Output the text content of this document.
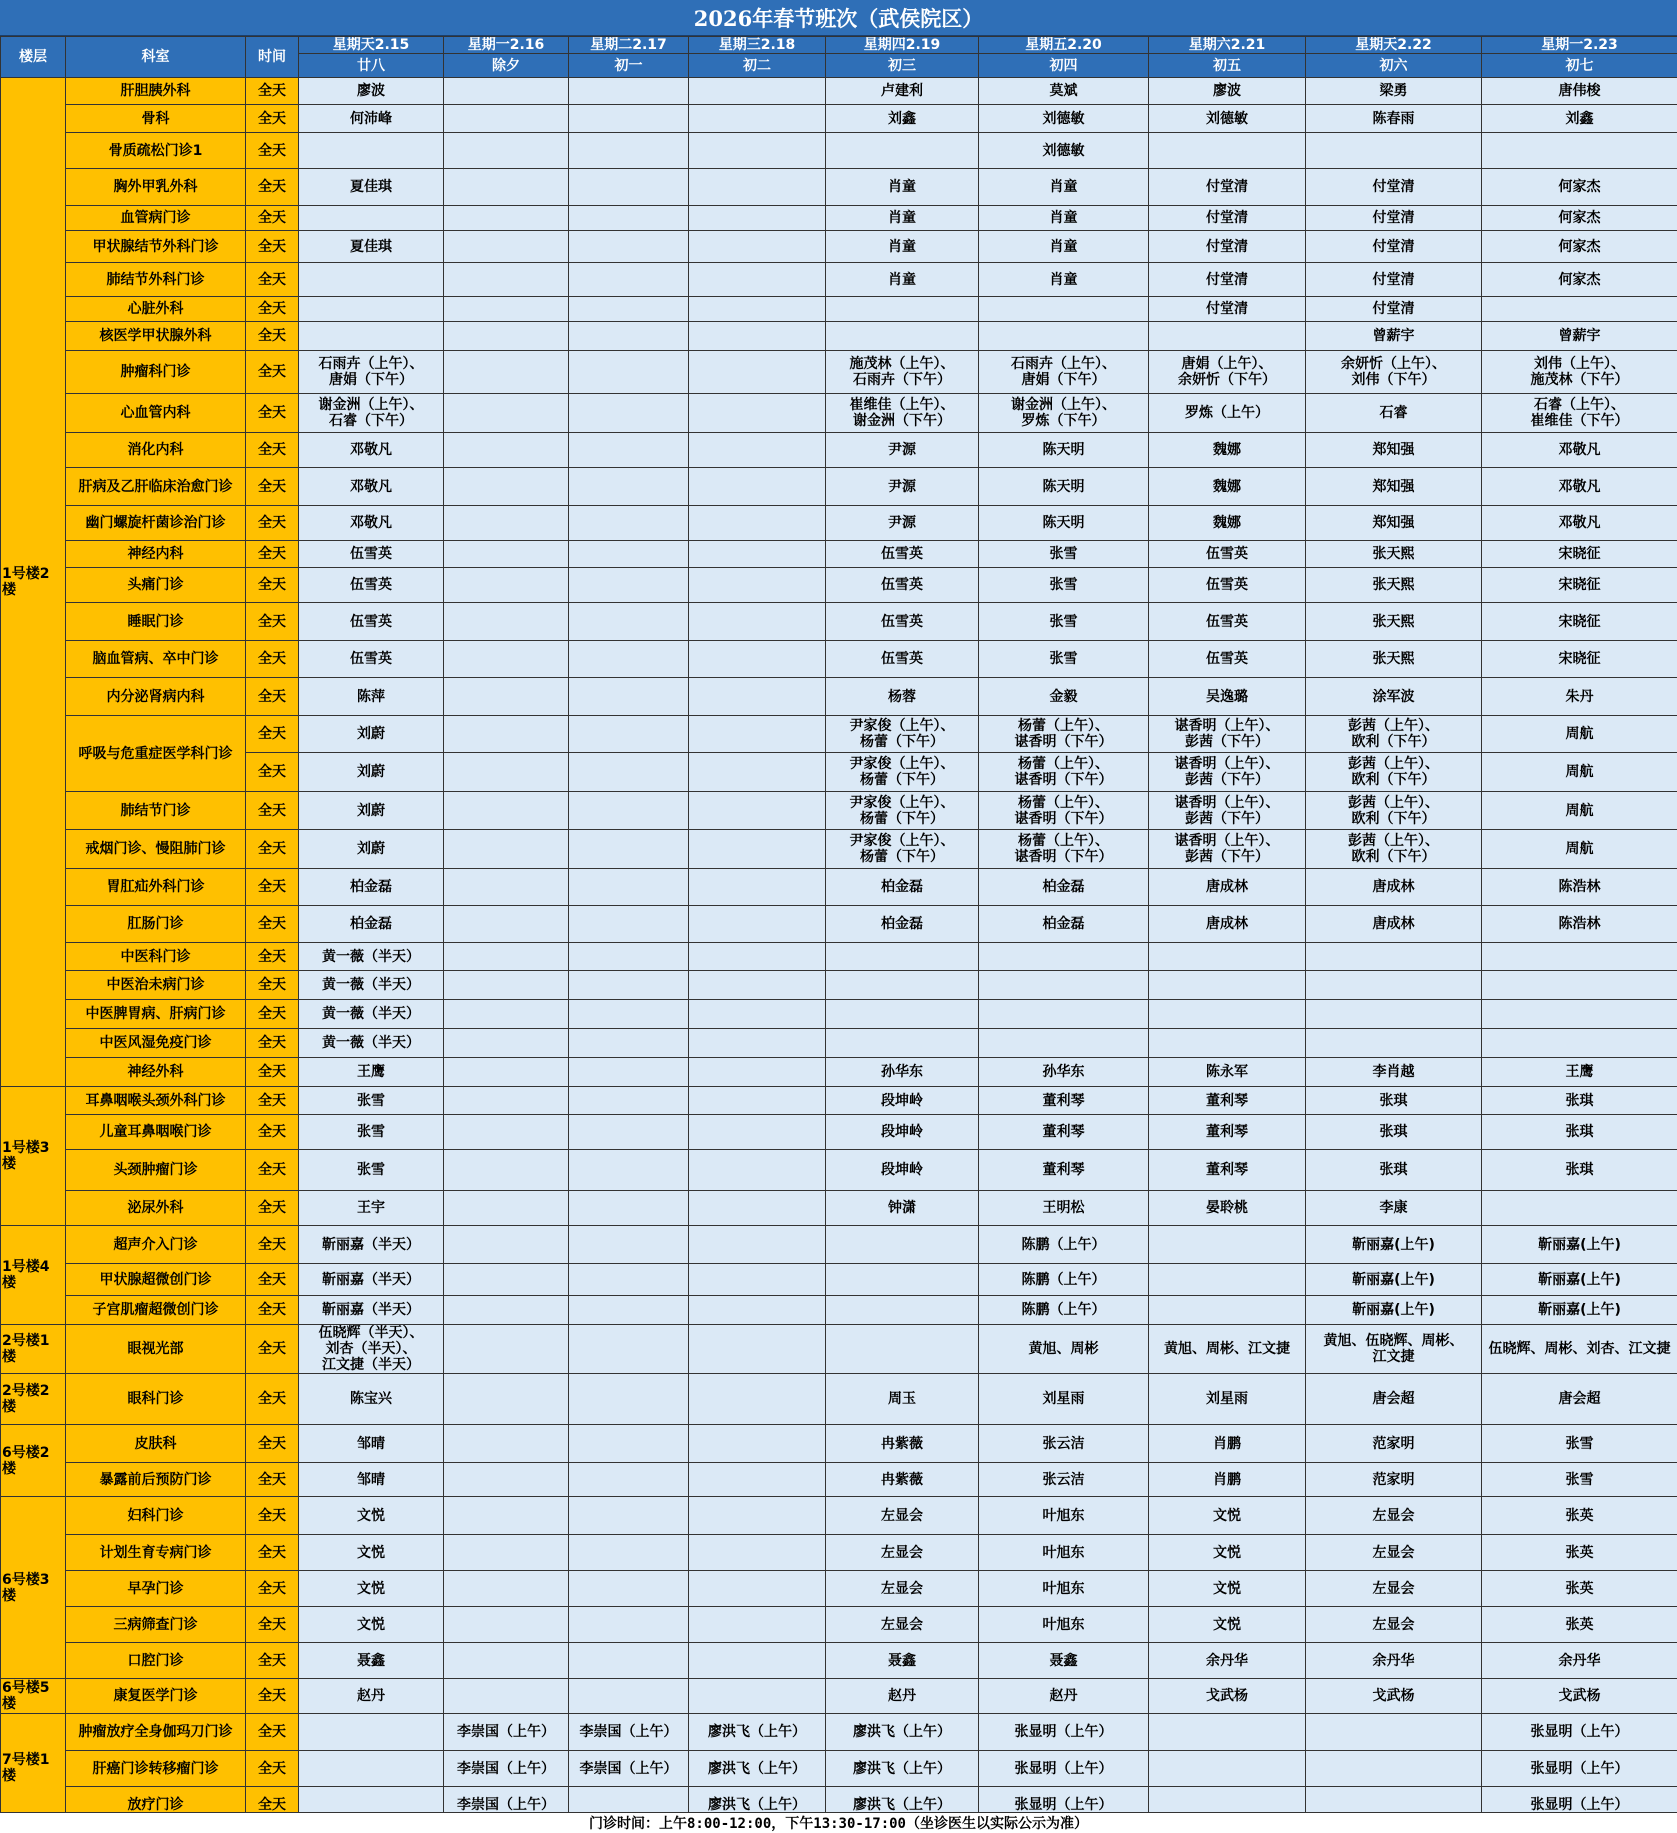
2026年春节班次（武侯院区）
楼层	科室	时间	星期天2.15	星期一2.16	星期二2.17	星期三2.18	星期四2.19	星期五2.20	星期六2.21	星期天2.22	星期一2.23
			廿八	除夕	初一	初二	初三	初四	初五	初六	初七
1号楼2楼	肝胆胰外科	全天	廖波				卢建利	莫斌	廖波	梁勇	唐伟梭
	骨科	全天	何沛峰				刘鑫	刘德敏	刘德敏	陈春雨	刘鑫
	骨质疏松门诊1	全天						刘德敏			
	胸外甲乳外科	全天	夏佳琪				肖童	肖童	付堂清	付堂清	何家杰
	血管病门诊	全天					肖童	肖童	付堂清	付堂清	何家杰
	甲状腺结节外科门诊	全天	夏佳琪				肖童	肖童	付堂清	付堂清	何家杰
	肺结节外科门诊	全天					肖童	肖童	付堂清	付堂清	何家杰
	心脏外科	全天							付堂清	付堂清	
	核医学甲状腺外科	全天								曾薪宇	曾薪宇
	肿瘤科门诊	全天	石雨卉（上午）、
唐娟（下午）				施茂林（上午）、
石雨卉（下午）	石雨卉（上午）、
唐娟（下午）	唐娟（上午）、
余妍忻（下午）	余妍忻（上午）、
刘伟（下午）	刘伟（上午）、
施茂林（下午）
	心血管内科	全天	谢金洲（上午）、
石睿（下午）				崔维佳（上午）、
谢金洲（下午）	谢金洲（上午）、
罗炼（下午）	罗炼（上午）	石睿	石睿（上午）、
崔维佳（下午）
	消化内科	全天	邓敬凡				尹源	陈天明	魏娜	郑知强	邓敬凡
	肝病及乙肝临床治愈门诊	全天	邓敬凡				尹源	陈天明	魏娜	郑知强	邓敬凡
	幽门螺旋杆菌诊治门诊	全天	邓敬凡				尹源	陈天明	魏娜	郑知强	邓敬凡
	神经内科	全天	伍雪英				伍雪英	张雪	伍雪英	张天熙	宋晓征
	头痛门诊	全天	伍雪英				伍雪英	张雪	伍雪英	张天熙	宋晓征
	睡眠门诊	全天	伍雪英				伍雪英	张雪	伍雪英	张天熙	宋晓征
	脑血管病、卒中门诊	全天	伍雪英				伍雪英	张雪	伍雪英	张天熙	宋晓征
	内分泌肾病内科	全天	陈萍				杨蓉	金毅	吴逸璐	涂军波	朱丹
	呼吸与危重症医学科门诊	全天	刘蔚				尹家俊（上午）、
杨蕾（下午）	杨蕾（上午）、
谌香明（下午）	谌香明（上午）、
彭茜（下午）	彭茜（上午）、
欧利（下午）	周航
		全天	刘蔚				尹家俊（上午）、
杨蕾（下午）	杨蕾（上午）、
谌香明（下午）	谌香明（上午）、
彭茜（下午）	彭茜（上午）、
欧利（下午）	周航
	肺结节门诊	全天	刘蔚				尹家俊（上午）、
杨蕾（下午）	杨蕾（上午）、
谌香明（下午）	谌香明（上午）、
彭茜（下午）	彭茜（上午）、
欧利（下午）	周航
	戒烟门诊、慢阻肺门诊	全天	刘蔚				尹家俊（上午）、
杨蕾（下午）	杨蕾（上午）、
谌香明（下午）	谌香明（上午）、
彭茜（下午）	彭茜（上午）、
欧利（下午）	周航
	胃肛疝外科门诊	全天	柏金磊				柏金磊	柏金磊	唐成林	唐成林	陈浩林
	肛肠门诊	全天	柏金磊				柏金磊	柏金磊	唐成林	唐成林	陈浩林
	中医科门诊	全天	黄一薇（半天）								
	中医治未病门诊	全天	黄一薇（半天）								
	中医脾胃病、肝病门诊	全天	黄一薇（半天）								
	中医风湿免疫门诊	全天	黄一薇（半天）								
	神经外科	全天	王鹰				孙华东	孙华东	陈永军	李肖越	王鹰
1号楼3楼	耳鼻咽喉头颈外科门诊	全天	张雪				段坤岭	董利琴	董利琴	张琪	张琪
	儿童耳鼻咽喉门诊	全天	张雪				段坤岭	董利琴	董利琴	张琪	张琪
	头颈肿瘤门诊	全天	张雪				段坤岭	董利琴	董利琴	张琪	张琪
	泌尿外科	全天	王宇				钟潇	王明松	晏聆桃	李康	
1号楼4楼	超声介入门诊	全天	靳丽嘉（半天）					陈鹏（上午）		靳丽嘉(上午)	靳丽嘉(上午)
	甲状腺超微创门诊	全天	靳丽嘉（半天）					陈鹏（上午）		靳丽嘉(上午)	靳丽嘉(上午)
	子宫肌瘤超微创门诊	全天	靳丽嘉（半天）					陈鹏（上午）		靳丽嘉(上午)	靳丽嘉(上午)
2号楼1楼	眼视光部	全天	伍晓辉（半天）、
刘杏（半天）、
江文捷（半天）					黄旭、周彬	黄旭、周彬、江文捷	黄旭、伍晓辉、周彬、
江文捷	伍晓辉、周彬、刘杏、江文捷
2号楼2楼	眼科门诊	全天	陈宝兴				周玉	刘星雨	刘星雨	唐会超	唐会超
6号楼2楼	皮肤科	全天	邹晴				冉紫薇	张云洁	肖鹏	范家明	张雪
	暴露前后预防门诊	全天	邹晴				冉紫薇	张云洁	肖鹏	范家明	张雪
6号楼3楼	妇科门诊	全天	文悦				左显会	叶旭东	文悦	左显会	张英
	计划生育专病门诊	全天	文悦				左显会	叶旭东	文悦	左显会	张英
	早孕门诊	全天	文悦				左显会	叶旭东	文悦	左显会	张英
	三病筛查门诊	全天	文悦				左显会	叶旭东	文悦	左显会	张英
	口腔门诊	全天	聂鑫				聂鑫	聂鑫	余丹华	余丹华	余丹华
6号楼5楼	康复医学门诊	全天	赵丹				赵丹	赵丹	戈武杨	戈武杨	戈武杨
7号楼1楼	肿瘤放疗全身伽玛刀门诊	全天		李崇国（上午）	李崇国（上午）	廖洪飞（上午）	廖洪飞（上午）	张显明（上午）			张显明（上午）
	肝癌门诊转移瘤门诊	全天		李崇国（上午）	李崇国（上午）	廖洪飞（上午）	廖洪飞（上午）	张显明（上午）			张显明（上午）
	放疗门诊	全天		李崇国（上午）		廖洪飞（上午）	廖洪飞（上午）	张显明（上午）			张显明（上午）
门诊时间：上午8:00-12:00，下午13:30-17:00（坐诊医生以实际公示为准）
